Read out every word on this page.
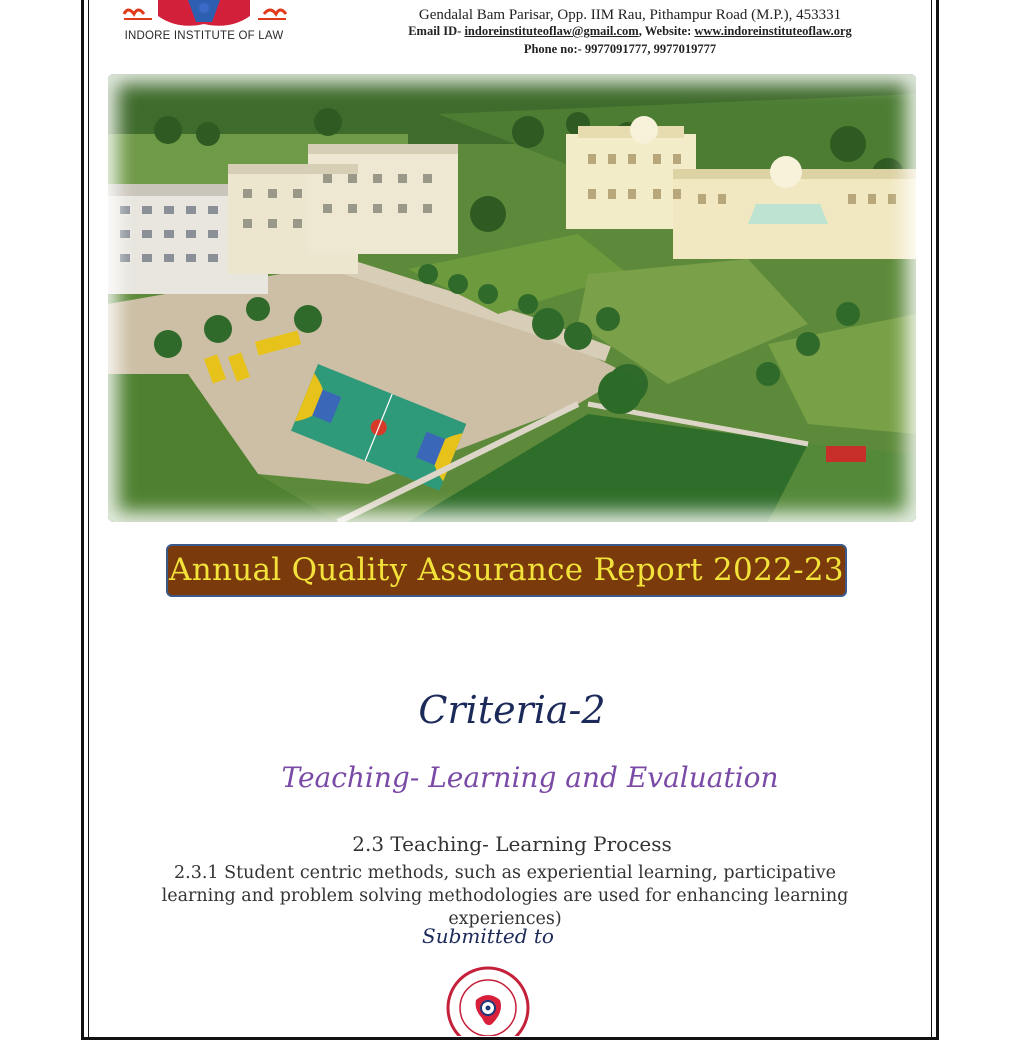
INDORE INSTITUTE OF LAW
Gendalal Bam Parisar, Opp. IIM Rau, Pithampur Road (M.P.), 453331
Email ID- indoreinstituteoflaw@gmail.com, Website: www.indoreinstituteoflaw.org
Phone no:- 9977091777, 9977019777
Annual Quality Assurance Report 2022-23
Criteria-2
Teaching- Learning and Evaluation
2.3 Teaching- Learning Process
2.3.1 Student centric methods, such as experiential learning, participative learning and problem solving methodologies are used for enhancing learning experiences)
Submitted to
